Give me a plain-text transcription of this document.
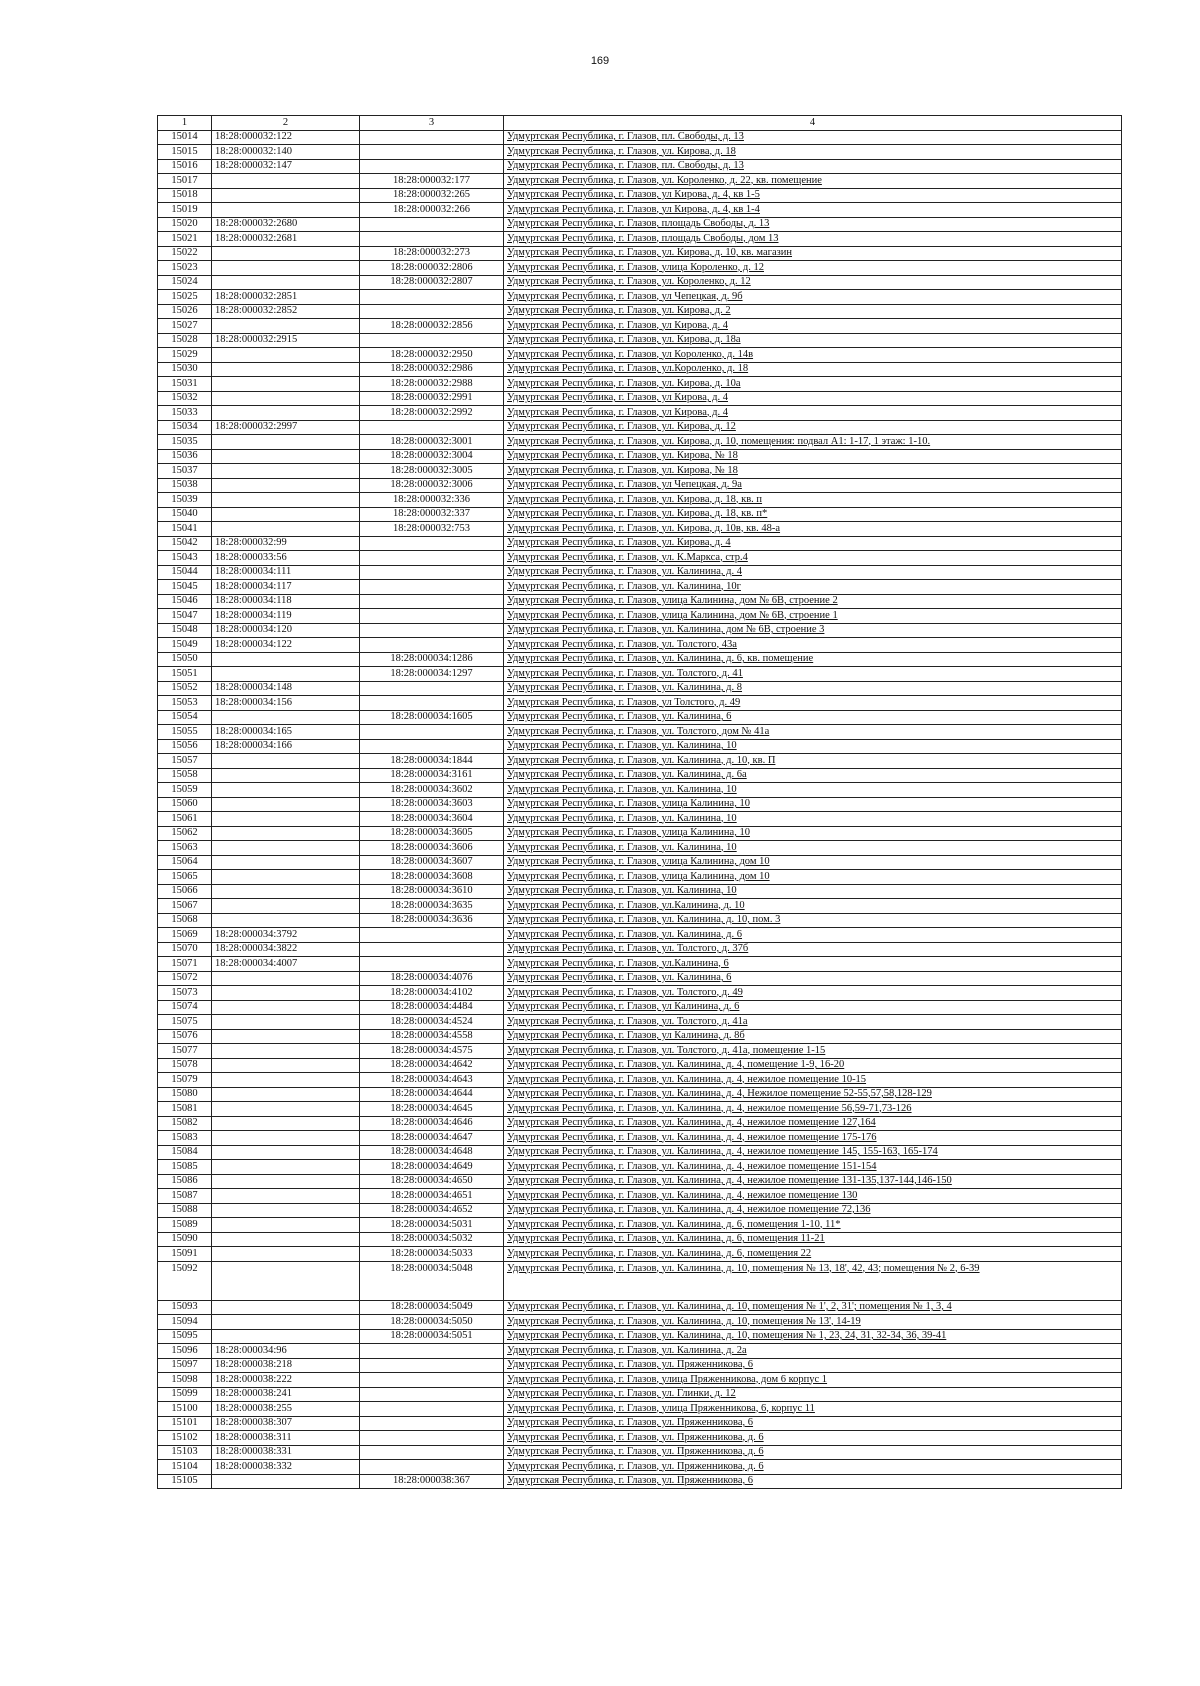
169
1	2	3	4
15014	18:28:000032:122		Удмуртская Республика, г. Глазов, пл. Свободы, д. 13
15015	18:28:000032:140		Удмуртская Республика, г. Глазов, ул. Кирова, д. 18
15016	18:28:000032:147		Удмуртская Республика, г. Глазов, пл. Свободы, д. 13
15017		18:28:000032:177	Удмуртская Республика, г. Глазов, ул. Короленко, д. 22, кв. помещение
15018		18:28:000032:265	Удмуртская Республика, г. Глазов, ул Кирова, д. 4, кв 1-5
15019		18:28:000032:266	Удмуртская Республика, г. Глазов, ул Кирова, д. 4, кв 1-4
15020	18:28:000032:2680		Удмуртская Республика, г. Глазов, площадь Свободы, д. 13
15021	18:28:000032:2681		Удмуртская Республика, г. Глазов, площадь Свободы, дом 13
15022		18:28:000032:273	Удмуртская Республика, г. Глазов, ул. Кирова, д. 10, кв. магазин
15023		18:28:000032:2806	Удмуртская Республика, г. Глазов, улица Короленко, д. 12
15024		18:28:000032:2807	Удмуртская Республика, г. Глазов, ул. Короленко, д. 12
15025	18:28:000032:2851		Удмуртская Республика, г. Глазов, ул Чепецкая, д. 9б
15026	18:28:000032:2852		Удмуртская Республика, г. Глазов, ул. Кирова, д. 2
15027		18:28:000032:2856	Удмуртская Республика, г. Глазов, ул Кирова, д. 4
15028	18:28:000032:2915		Удмуртская Республика, г. Глазов, ул. Кирова, д. 18а
15029		18:28:000032:2950	Удмуртская Республика, г. Глазов, ул Короленко, д. 14в
15030		18:28:000032:2986	Удмуртская Республика, г. Глазов, ул.Короленко, д. 18
15031		18:28:000032:2988	Удмуртская Республика, г. Глазов, ул. Кирова, д. 10а
15032		18:28:000032:2991	Удмуртская Республика, г. Глазов, ул Кирова, д. 4
15033		18:28:000032:2992	Удмуртская Республика, г. Глазов, ул Кирова, д. 4
15034	18:28:000032:2997		Удмуртская Республика, г. Глазов, ул. Кирова, д. 12
15035		18:28:000032:3001	Удмуртская Республика, г. Глазов, ул. Кирова, д. 10, помещения: подвал А1: 1-17, 1 этаж: 1-10.
15036		18:28:000032:3004	Удмуртская Республика, г. Глазов, ул. Кирова, № 18
15037		18:28:000032:3005	Удмуртская Республика, г. Глазов, ул. Кирова, № 18
15038		18:28:000032:3006	Удмуртская Республика, г. Глазов, ул Чепецкая, д. 9а
15039		18:28:000032:336	Удмуртская Республика, г. Глазов, ул. Кирова, д. 18, кв. п
15040		18:28:000032:337	Удмуртская Республика, г. Глазов, ул. Кирова, д. 18, кв. п*
15041		18:28:000032:753	Удмуртская Республика, г. Глазов, ул. Кирова, д. 10в, кв. 48-а
15042	18:28:000032:99		Удмуртская Республика, г. Глазов, ул. Кирова, д. 4
15043	18:28:000033:56		Удмуртская Республика, г. Глазов, ул. К.Маркса, стр.4
15044	18:28:000034:111		Удмуртская Республика, г. Глазов, ул. Калинина, д. 4
15045	18:28:000034:117		Удмуртская Республика, г. Глазов, ул. Калинина, 10г
15046	18:28:000034:118		Удмуртская Республика, г. Глазов, улица Калинина, дом № 6В, строение 2
15047	18:28:000034:119		Удмуртская Республика, г. Глазов, улица Калинина, дом № 6В, строение 1
15048	18:28:000034:120		Удмуртская Республика, г. Глазов, ул. Калинина, дом № 6В, строение 3
15049	18:28:000034:122		Удмуртская Республика, г. Глазов, ул. Толстого, 43а
15050		18:28:000034:1286	Удмуртская Республика, г. Глазов, ул. Калинина, д. 6, кв. помещение
15051		18:28:000034:1297	Удмуртская Республика, г. Глазов, ул. Толстого, д. 41
15052	18:28:000034:148		Удмуртская Республика, г. Глазов, ул. Калинина, д. 8
15053	18:28:000034:156		Удмуртская Республика, г. Глазов, ул Толстого, д. 49
15054		18:28:000034:1605	Удмуртская Республика, г. Глазов, ул. Калинина, 6
15055	18:28:000034:165		Удмуртская Республика, г. Глазов, ул. Толстого, дом № 41а
15056	18:28:000034:166		Удмуртская Республика, г. Глазов, ул. Калинина, 10
15057		18:28:000034:1844	Удмуртская Республика, г. Глазов, ул. Калинина, д. 10, кв. П
15058		18:28:000034:3161	Удмуртская Республика, г. Глазов, ул. Калинина, д. 6а
15059		18:28:000034:3602	Удмуртская Республика, г. Глазов, ул. Калинина, 10
15060		18:28:000034:3603	Удмуртская Республика, г. Глазов, улица Калинина, 10
15061		18:28:000034:3604	Удмуртская Республика, г. Глазов, ул. Калинина, 10
15062		18:28:000034:3605	Удмуртская Республика, г. Глазов, улица Калинина, 10
15063		18:28:000034:3606	Удмуртская Республика, г. Глазов, ул. Калинина, 10
15064		18:28:000034:3607	Удмуртская Республика, г. Глазов, улица Калинина, дом 10
15065		18:28:000034:3608	Удмуртская Республика, г. Глазов, улица Калинина, дом 10
15066		18:28:000034:3610	Удмуртская Республика, г. Глазов, ул. Калинина, 10
15067		18:28:000034:3635	Удмуртская Республика, г. Глазов, ул.Калинина, д. 10
15068		18:28:000034:3636	Удмуртская Республика, г. Глазов, ул. Калинина, д. 10, пом. 3
15069	18:28:000034:3792		Удмуртская Республика, г. Глазов, ул. Калинина, д. 6
15070	18:28:000034:3822		Удмуртская Республика, г. Глазов, ул. Толстого, д. 37б
15071	18:28:000034:4007		Удмуртская Республика, г. Глазов, ул.Калинина, 6
15072		18:28:000034:4076	Удмуртская Республика, г. Глазов, ул. Калинина, 6
15073		18:28:000034:4102	Удмуртская Республика, г. Глазов, ул. Толстого, д. 49
15074		18:28:000034:4484	Удмуртская Республика, г. Глазов, ул Калинина, д. 6
15075		18:28:000034:4524	Удмуртская Республика, г. Глазов, ул. Толстого, д. 41а
15076		18:28:000034:4558	Удмуртская Республика, г. Глазов, ул Калинина, д. 8б
15077		18:28:000034:4575	Удмуртская Республика, г. Глазов, ул. Толстого, д. 41а, помещение 1-15
15078		18:28:000034:4642	Удмуртская Республика, г. Глазов, ул. Калинина, д. 4, помещение 1-9, 16-20
15079		18:28:000034:4643	Удмуртская Республика, г. Глазов, ул. Калинина, д. 4, нежилое помещение 10-15
15080		18:28:000034:4644	Удмуртская Республика, г. Глазов, ул. Калинина, д. 4, Нежилое помещение 52-55,57,58,128-129
15081		18:28:000034:4645	Удмуртская Республика, г. Глазов, ул. Калинина, д. 4, нежилое помещение 56,59-71,73-126
15082		18:28:000034:4646	Удмуртская Республика, г. Глазов, ул. Калинина, д. 4, нежилое помещение 127,164
15083		18:28:000034:4647	Удмуртская Республика, г. Глазов, ул. Калинина, д. 4, нежилое помещение 175-176
15084		18:28:000034:4648	Удмуртская Республика, г. Глазов, ул. Калинина, д. 4, нежилое помещение 145, 155-163, 165-174
15085		18:28:000034:4649	Удмуртская Республика, г. Глазов, ул. Калинина, д. 4, нежилое помещение 151-154
15086		18:28:000034:4650	Удмуртская Республика, г. Глазов, ул. Калинина, д. 4, нежилое помещение 131-135,137-144,146-150
15087		18:28:000034:4651	Удмуртская Республика, г. Глазов, ул. Калинина, д. 4, нежилое помещение 130
15088		18:28:000034:4652	Удмуртская Республика, г. Глазов, ул. Калинина, д. 4, нежилое помещение 72,136
15089		18:28:000034:5031	Удмуртская Республика, г. Глазов, ул. Калинина, д. 6, помещения 1-10, 11*
15090		18:28:000034:5032	Удмуртская Республика, г. Глазов, ул. Калинина, д. 6, помещения 11-21
15091		18:28:000034:5033	Удмуртская Республика, г. Глазов, ул. Калинина, д. 6, помещения 22
15092		18:28:000034:5048	Удмуртская Республика, г. Глазов, ул. Калинина, д. 10, помещения № 13, 18', 42, 43; помещения № 2, 6-39
15093		18:28:000034:5049	Удмуртская Республика, г. Глазов, ул. Калинина, д. 10, помещения № 1', 2, 31'; помещения № 1, 3, 4
15094		18:28:000034:5050	Удмуртская Республика, г. Глазов, ул. Калинина, д. 10, помещения № 13', 14-19
15095		18:28:000034:5051	Удмуртская Республика, г. Глазов, ул. Калинина, д. 10, помещения № 1, 23, 24, 31, 32-34, 36, 39-41
15096	18:28:000034:96		Удмуртская Республика, г. Глазов, ул. Калинина, д. 2а
15097	18:28:000038:218		Удмуртская Республика, г. Глазов, ул. Пряженникова, 6
15098	18:28:000038:222		Удмуртская Республика, г. Глазов, улица Пряженникова, дом 6 корпус 1
15099	18:28:000038:241		Удмуртская Республика, г. Глазов, ул. Глинки, д. 12
15100	18:28:000038:255		Удмуртская Республика, г. Глазов, улица Пряженникова, 6, корпус 11
15101	18:28:000038:307		Удмуртская Республика, г. Глазов, ул. Пряженникова, 6
15102	18:28:000038:311		Удмуртская Республика, г. Глазов, ул. Пряженникова, д. 6
15103	18:28:000038:331		Удмуртская Республика, г. Глазов, ул. Пряженникова, д. 6
15104	18:28:000038:332		Удмуртская Республика, г. Глазов, ул. Пряженникова, д. 6
15105		18:28:000038:367	Удмуртская Республика, г. Глазов, ул. Пряженникова, 6
